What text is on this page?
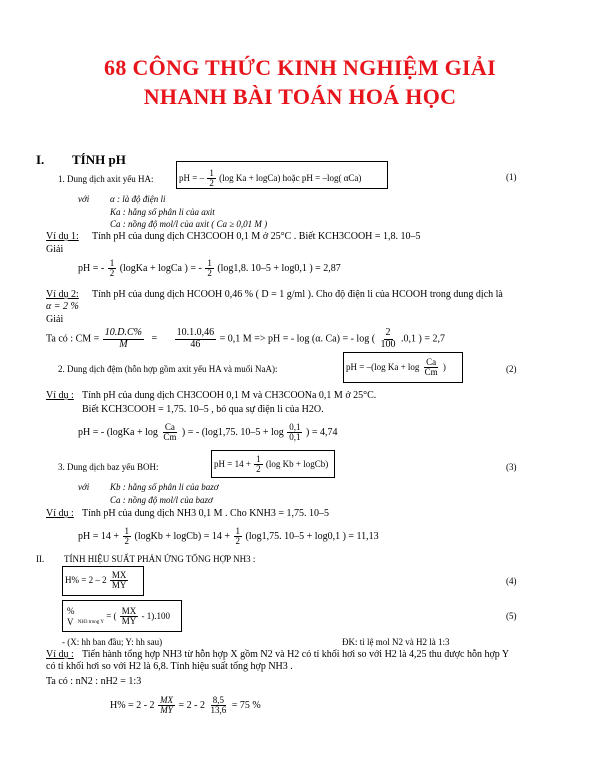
68 CÔNG THỨC KINH NGHIỆM GIẢI
NHANH BÀI TOÁN HOÁ HỌC
I. TÍNH pH
1. Dung dịch axit yếu HA:	pH = – $\frac{1}{2} (\log$ Ka + logCa) hoặc pH = –log( αCa)	(1)
với α : là độ điện li
Ka : hằng số phân li của axit
Ca : nồng độ mol/l của axit ( Ca ≥ 0,01 M )
Ví dụ 1: Tính pH của dung dịch CH3COOH 0,1 M ở 25°C . Biết KCH3COOH = 1,8. 10–5
Giải
pH = - $\frac{1}{2}$ (logKa + logCa ) = - $\frac{1}{2} (\log 1,8$. 10–5 + log0,1 ) = 2,87
Ví dụ 2: Tính pH của dung dịch HCOOH 0,46 % ( D = 1 g/ml ). Cho độ điện li của HCOOH trong dung dịch là
α = 2 %
Giải
Ta có : CM = $\frac{10.D.C\%}{M} = \frac{10.1.0,46}{46} = 0,1$ M => pH = - log (α. Ca) = - log ( $\frac{2}{100} .0,1$ ) = 2,7
2. Dung dịch đệm (hỗn hợp gồm axit yếu HA và muối NaA):	pH = –(log $Ka + \log \frac{Ca}{Cm}$ )	(2)
Ví dụ : Tính pH của dung dịch CH3COOH 0,1 M và CH3COONa 0,1 M ở 25°C.
Biết KCH3COOH = 1,75. 10–5 , bỏ qua sự điện li của H2O.
pH = - (logKa + $\log \frac{Ca}{Cm}$ ) = - (log1,75. $10-5 + \log \frac{0,1}{0,1}$ ) = 4,74
3. Dung dịch baz yếu BOH:	pH = $14 + \frac{1}{2} (\log$ Kb + logCb)	(3)
với Kb : hằng số phân li của bazơ
Ca : nồng độ mol/l của bazơ
Ví dụ : Tính pH của dung dịch NH3 0,1 M . Cho KNH3 = 1,75. 10–5
pH = $14 + \frac{1}{2}$ (logKb + logCb) = $14 + \frac{1}{2} (\log 1,75$. 10–5 + log0,1 ) = 11,13
II. TÍNH HIỆU SUẤT PHẢN ỨNG TỔNG HỢP NH3 :
$H\% = 2 - 2 \frac{MX}{MY}$	(4)
%
V $_{NH3 trong Y}$ = ( $\frac{MX}{MY} - 1).100$	(5)
- (X: hh ban đầu; Y: hh sau)	ĐK: tỉ lệ mol N2 và H2 là 1:3
Ví dụ : Tiến hành tổng hợp NH3 từ hỗn hợp X gồm N2 và H2 có tỉ khối hơi so với H2 là 4,25 thu được hỗn hợp Y
có tỉ khối hơi so với H2 là 6,8. Tính hiệu suất tổng hợp NH3 .
Ta có : nN2 : nH2 = 1:3
$H\% = 2 - 2 \frac{MX}{MY} = 2 - 2 \frac{8,5}{13,6} = 75$ %
